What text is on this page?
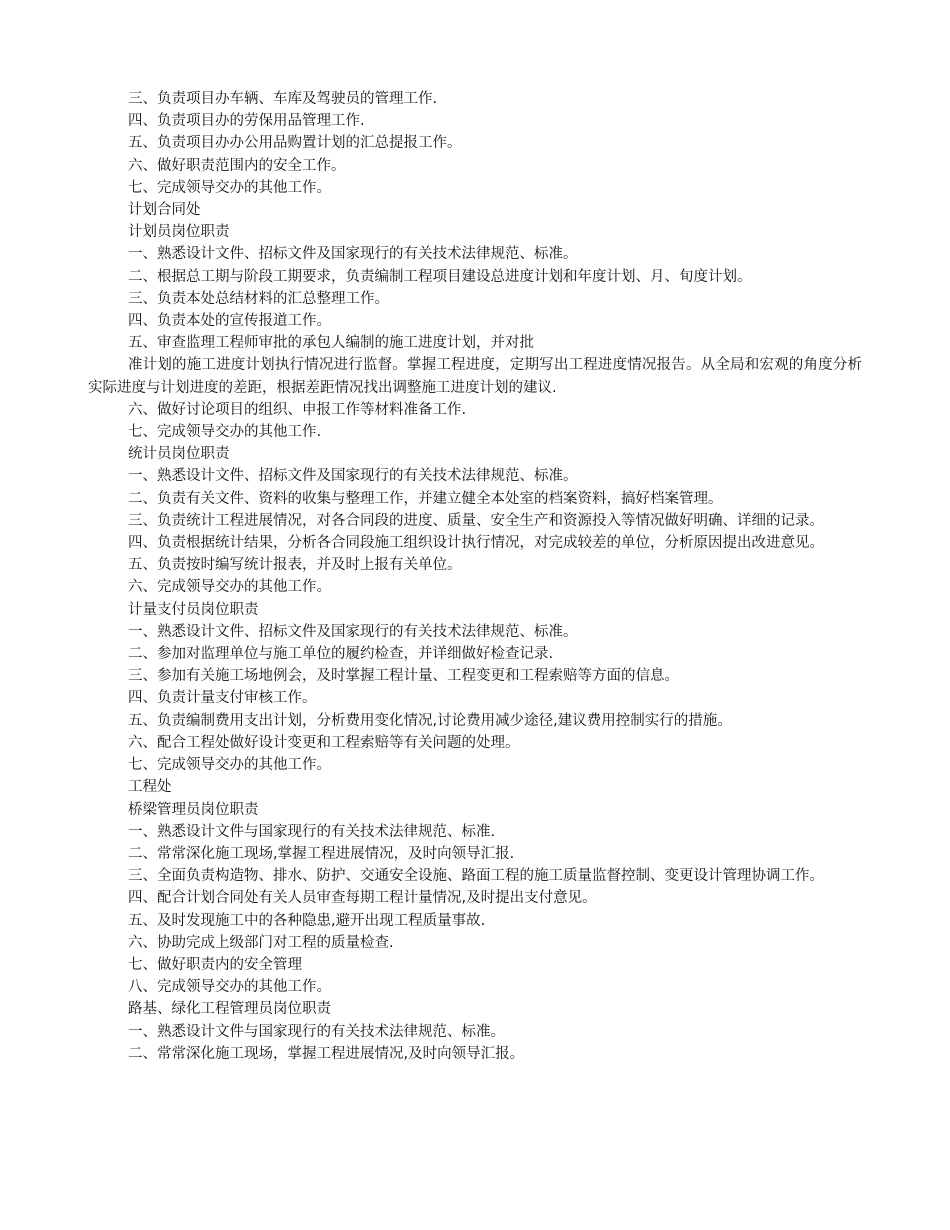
三、负责项目办车辆、车库及驾驶员的管理工作.

四、负责项目办的劳保用品管理工作.

五、负责项目办办公用品购置计划的汇总提报工作。

六、做好职责范围内的安全工作。

七、完成领导交办的其他工作。

计划合同处

计划员岗位职责

一、熟悉设计文件、招标文件及国家现行的有关技术法律规范、标准。

二、根据总工期与阶段工期要求，负责编制工程项目建设总进度计划和年度计划、月、旬度计划。

三、负责本处总结材料的汇总整理工作。

四、负责本处的宣传报道工作。

五、审查监理工程师审批的承包人编制的施工进度计划，并对批

准计划的施工进度计划执行情况进行监督。掌握工程进度，定期写出工程进度情况报告。从全局和宏观的角度分析实际进度与计划进度的差距，根据差距情况找出调整施工进度计划的建议.

六、做好讨论项目的组织、申报工作等材料准备工作.

七、完成领导交办的其他工作.

统计员岗位职责

一、熟悉设计文件、招标文件及国家现行的有关技术法律规范、标准。

二、负责有关文件、资料的收集与整理工作，并建立健全本处室的档案资料，搞好档案管理。

三、负责统计工程进展情况，对各合同段的进度、质量、安全生产和资源投入等情况做好明确、详细的记录。

四、负责根据统计结果，分析各合同段施工组织设计执行情况，对完成较差的单位，分析原因提出改进意见。

五、负责按时编写统计报表，并及时上报有关单位。

六、完成领导交办的其他工作。

计量支付员岗位职责

一、熟悉设计文件、招标文件及国家现行的有关技术法律规范、标准。

二、参加对监理单位与施工单位的履约检查，并详细做好检查记录.

三、参加有关施工场地例会，及时掌握工程计量、工程变更和工程索赔等方面的信息。

四、负责计量支付审核工作。

五、负责编制费用支出计划，分析费用变化情况,讨论费用减少途径,建议费用控制实行的措施。

六、配合工程处做好设计变更和工程索赔等有关问题的处理。

七、完成领导交办的其他工作。

工程处

桥梁管理员岗位职责

一、熟悉设计文件与国家现行的有关技术法律规范、标准.

二、常常深化施工现场,掌握工程进展情况，及时向领导汇报.

三、全面负责构造物、排水、防护、交通安全设施、路面工程的施工质量监督控制、变更设计管理协调工作。

四、配合计划合同处有关人员审查每期工程计量情况,及时提出支付意见。

五、及时发现施工中的各种隐患,避开出现工程质量事故.

六、协助完成上级部门对工程的质量检查.

七、做好职责内的安全管理

八、完成领导交办的其他工作。

路基、绿化工程管理员岗位职责

一、熟悉设计文件与国家现行的有关技术法律规范、标准。

二、常常深化施工现场，掌握工程进展情况,及时向领导汇报。
